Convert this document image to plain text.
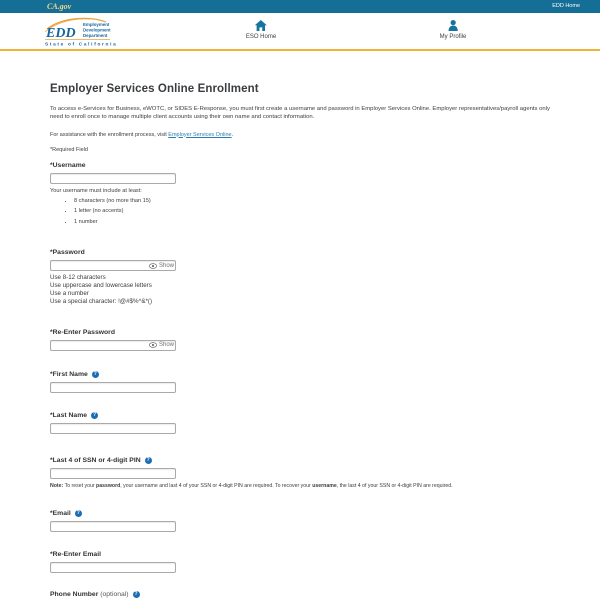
CA.gov	EDD Home
EDD
Employment
Development
Department
State of California
ESO Home	My Profile
Employer Services Online Enrollment

To access e-Services for Business, eWOTC, or SIDES E-Response, you must first create a username and password in Employer Services Online. Employer representatives/payroll agents only need to enroll once to manage multiple client accounts using their own name and contact information.

For assistance with the enrollment process, visit Employer Services Online.

*Required Field

*Username

Your username must include at least:

• 8 characters (no more than 15)
• 1 letter (no accents)
• 1 number
*Password
Show

Use 8-12 characters

Use uppercase and lowercase letters

Use a number

Use a special character: !@#$%^&*()

*Re-Enter Password
Show
*First Name	?
*Last Name	?
*Last 4 of SSN or 4-digit PIN	?

Note: To reset your password, your username and last 4 of your SSN or 4-digit PIN are required. To recover your username, the last 4 of your SSN or 4-digit PIN are required.

*Email	?
*Re-Enter Email
Phone Number (optional)	?
